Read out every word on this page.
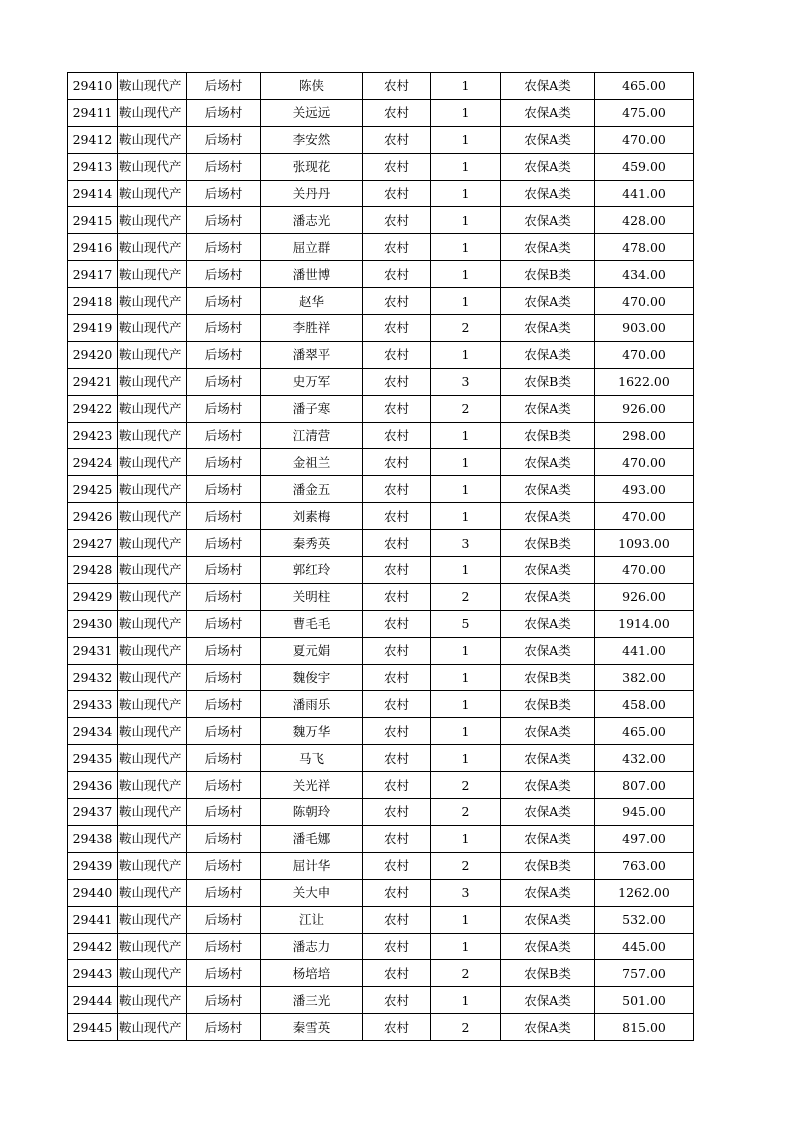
29410	鞍山现代产	后场村	陈侠	农村	1	农保A类	465.00
29411	鞍山现代产	后场村	关远远	农村	1	农保A类	475.00
29412	鞍山现代产	后场村	李安然	农村	1	农保A类	470.00
29413	鞍山现代产	后场村	张现花	农村	1	农保A类	459.00
29414	鞍山现代产	后场村	关丹丹	农村	1	农保A类	441.00
29415	鞍山现代产	后场村	潘志光	农村	1	农保A类	428.00
29416	鞍山现代产	后场村	屈立群	农村	1	农保A类	478.00
29417	鞍山现代产	后场村	潘世博	农村	1	农保B类	434.00
29418	鞍山现代产	后场村	赵华	农村	1	农保A类	470.00
29419	鞍山现代产	后场村	李胜祥	农村	2	农保A类	903.00
29420	鞍山现代产	后场村	潘翠平	农村	1	农保A类	470.00
29421	鞍山现代产	后场村	史万军	农村	3	农保B类	1622.00
29422	鞍山现代产	后场村	潘子寒	农村	2	农保A类	926.00
29423	鞍山现代产	后场村	江清营	农村	1	农保B类	298.00
29424	鞍山现代产	后场村	金祖兰	农村	1	农保A类	470.00
29425	鞍山现代产	后场村	潘金五	农村	1	农保A类	493.00
29426	鞍山现代产	后场村	刘素梅	农村	1	农保A类	470.00
29427	鞍山现代产	后场村	秦秀英	农村	3	农保B类	1093.00
29428	鞍山现代产	后场村	郭红玲	农村	1	农保A类	470.00
29429	鞍山现代产	后场村	关明柱	农村	2	农保A类	926.00
29430	鞍山现代产	后场村	曹毛毛	农村	5	农保A类	1914.00
29431	鞍山现代产	后场村	夏元娟	农村	1	农保A类	441.00
29432	鞍山现代产	后场村	魏俊宇	农村	1	农保B类	382.00
29433	鞍山现代产	后场村	潘雨乐	农村	1	农保B类	458.00
29434	鞍山现代产	后场村	魏万华	农村	1	农保A类	465.00
29435	鞍山现代产	后场村	马飞	农村	1	农保A类	432.00
29436	鞍山现代产	后场村	关光祥	农村	2	农保A类	807.00
29437	鞍山现代产	后场村	陈朝玲	农村	2	农保A类	945.00
29438	鞍山现代产	后场村	潘毛娜	农村	1	农保A类	497.00
29439	鞍山现代产	后场村	屈计华	农村	2	农保B类	763.00
29440	鞍山现代产	后场村	关大申	农村	3	农保A类	1262.00
29441	鞍山现代产	后场村	江让	农村	1	农保A类	532.00
29442	鞍山现代产	后场村	潘志力	农村	1	农保A类	445.00
29443	鞍山现代产	后场村	杨培培	农村	2	农保B类	757.00
29444	鞍山现代产	后场村	潘三光	农村	1	农保A类	501.00
29445	鞍山现代产	后场村	秦雪英	农村	2	农保A类	815.00
